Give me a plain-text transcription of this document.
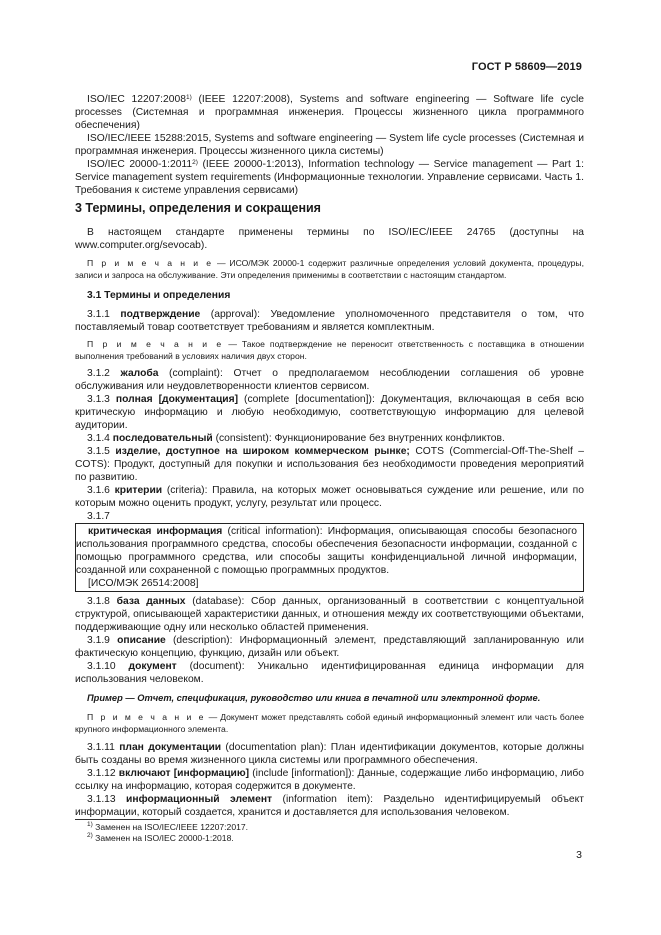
ГОСТ Р 58609—2019

ISO/IEC 12207:2008$^{1)}$ (IEEE 12207:2008), Systems and software engineering — Software life cycle processes (Системная и программная инженерия. Процессы жизненного цикла программного обеспечения)

ISO/IEC/IEEE 15288:2015, Systems and software engineering — System life cycle processes (Системная и программная инженерия. Процессы жизненного цикла системы)

ISO/IEC 20000-1:2011$^{2)}$ (IEEE 20000-1:2013), Information technology — Service management — Part 1: Service management system requirements (Информационные технологии. Управление сервисами. Часть 1. Требования к системе управления сервисами)

3 Термины, определения и сокращения

В настоящем стандарте применены термины по ISO/IEC/IEEE 24765 (доступны на www.computer.org/sevocab).

П р и м е ч а н и е — ИСО/МЭК 20000-1 содержит различные определения условий документа, процедуры, записи и запроса на обслуживание. Эти определения применимы в соответствии с настоящим стандартом.

3.1 Термины и определения

3.1.1 подтверждение (approval): Уведомление уполномоченного представителя о том, что поставляемый товар соответствует требованиям и является комплектным.

П р и м е ч а н и е — Такое подтверждение не переносит ответственность с поставщика в отношении выполнения требований в условиях наличия двух сторон.

3.1.2 жалоба (complaint): Отчет о предполагаемом несоблюдении соглашения об уровне обслуживания или неудовлетворенности клиентов сервисом.

3.1.3 полная [документация] (complete [documentation]): Документация, включающая в себя всю критическую информацию и любую необходимую, соответствующую информацию для целевой аудитории.

3.1.4 последовательный (consistent): Функционирование без внутренних конфликтов.

3.1.5 изделие, доступное на широком коммерческом рынке; COTS (Commercial-Off-The-Shelf – COTS): Продукт, доступный для покупки и использования без необходимости проведения мероприятий по развитию.

3.1.6 критерии (criteria): Правила, на которых может основываться суждение или решение, или по которым можно оценить продукт, услугу, результат или процесс.

3.1.7

критическая информация (critical information): Информация, описывающая способы безопасного использования программного средства, способы обеспечения безопасности информации, созданной с помощью программного средства, или способы защиты конфиденциальной личной информации, созданной или сохраненной с помощью программных продуктов.

[ИСО/МЭК 26514:2008]

3.1.8 база данных (database): Сбор данных, организованный в соответствии с концептуальной структурой, описывающей характеристики данных, и отношения между их соответствующими объектами, поддерживающие одну или несколько областей применения.

3.1.9 описание (description): Информационный элемент, представляющий запланированную или фактическую концепцию, функцию, дизайн или объект.

3.1.10 документ (document): Уникально идентифицированная единица информации для использования человеком.

Пример — Отчет, спецификация, руководство или книга в печатной или электронной форме.

П р и м е ч а н и е — Документ может представлять собой единый информационный элемент или часть более крупного информационного элемента.

3.1.11 план документации (documentation plan): План идентификации документов, которые должны быть созданы во время жизненного цикла системы или программного обеспечения.

3.1.12 включают [информацию] (include [information]): Данные, содержащие либо информацию, либо ссылку на информацию, которая содержится в документе.

3.1.13 информационный элемент (information item): Раздельно идентифицируемый объект информации, который создается, хранится и доставляется для использования человеком.

$^{1)}$ Заменен на ISO/IEC/IEEE 12207:2017.

$^{2)}$ Заменен на ISO/IEC 20000-1:2018.

3
